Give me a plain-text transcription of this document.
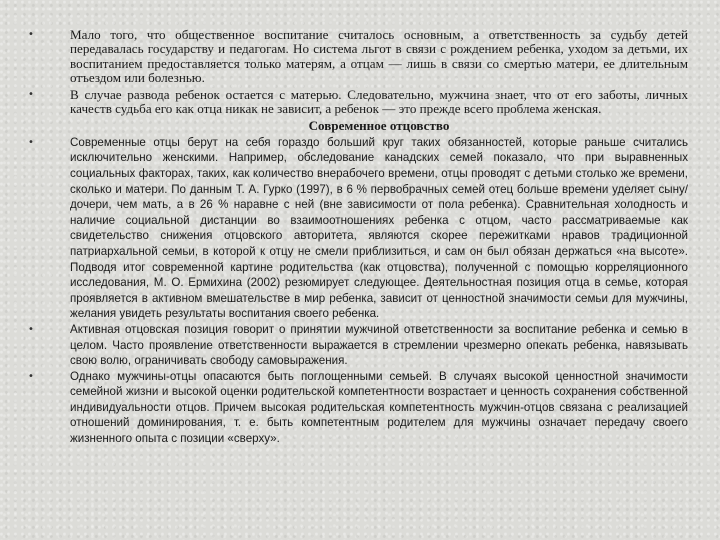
•	Мало того, что общественное воспитание считалось основным, а ответственность за судьбу детей передавалась государству и педагогам. Но система льгот в связи с рождением ребенка, уходом за детьми, их воспитанием предоставляется только матерям, а отцам — лишь в связи со смертью матери, ее длительным отъездом или болезнью.
•	В случае развода ребенок остается с матерью. Следовательно, мужчина знает, что от его заботы, личных качеств судьба его как отца никак не зависит, а ребенок — это прежде всего проблема женская.
Современное отцовство
•	Современные отцы берут на себя гораздо больший круг таких обязанностей, которые раньше считались исключительно женскими. Например, обследование канадских семей показало, что при выравненных социальных факторах, таких, как количество внерабочего времени, отцы проводят с детьми столько же времени, сколько и матери. По данным Т. А. Гурко (1997), в 6 % первобрачных семей отец больше времени уделяет сыну/дочери, чем мать, а в 26 % наравне с ней (вне зависимости от пола ребенка). Сравнительная холодность и наличие социальной дистанции во взаимоотношениях ребенка с отцом, часто рассматриваемые как свидетельство снижения отцовского авторитета, являются скорее пережитками нравов традиционной патриархальной семьи, в которой к отцу не смели приблизиться, и сам он был обязан держаться «на высоте». Подводя итог современной картине родительства (как отцовства), полученной с помощью корреляционного исследования, М. О. Ермихина (2002) резюмирует следующее. Деятельностная позиция отца в семье, которая проявляется в активном вмешательстве в мир ребенка, зависит от ценностной значимости семьи для мужчины, желания увидеть результаты воспитания своего ребенка.
•	Активная отцовская позиция говорит о принятии мужчиной ответственности за воспитание ребенка и семью в целом. Часто проявление ответственности выражается в стремлении чрезмерно опекать ребенка, навязывать свою волю, ограничивать свободу самовыражения.
•	Однако мужчины-отцы опасаются быть поглощенными семьей. В случаях высокой ценностной значимости семейной жизни и высокой оценки родительской компетентности возрастает и ценность сохранения собственной индивидуальности отцов. Причем высокая родительская компетентность мужчин-отцов связана с реализацией отношений доминирования, т. е. быть компетентным родителем для мужчины означает передачу своего жизненного опыта с позиции «сверху».
